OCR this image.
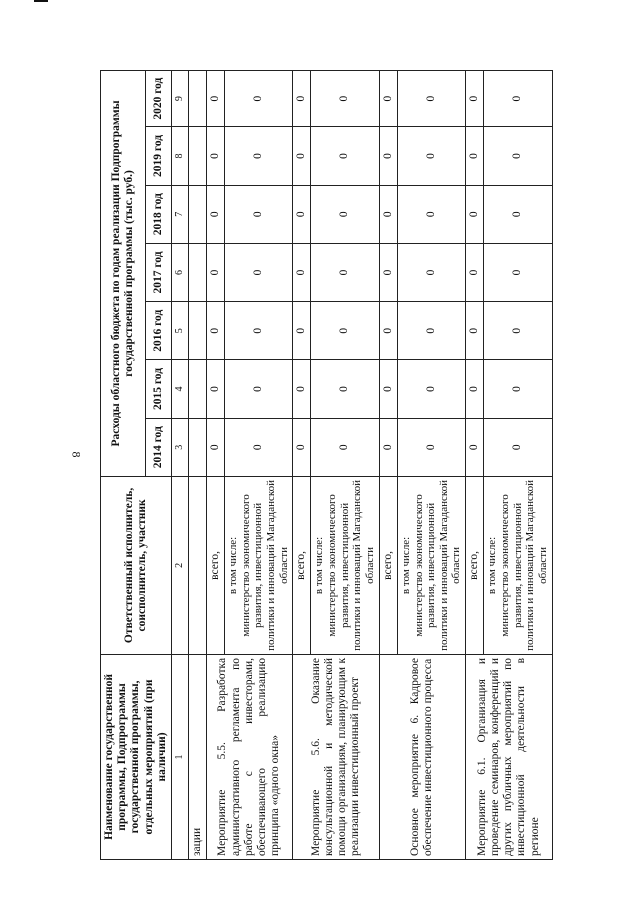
8
Наименование государственной программы, Подпрограммы государственной программы, отдельных мероприятий (при наличии)	Ответственный исполнитель, соисполнитель, участник	Расходы областного бюджета по годам реализации Подпрограммы государственной программы (тыс. руб.)						
		2014 год	2015 год	2016 год	2017 год	2018 год	2019 год	2020 год
1	2	3	4	5	6	7	8	9
зации								
Мероприятие 5.5. Разработка административного регламента по работе с инвесторами, обеспечивающего реализацию принципа «одного окна»	всего,	0	0	0	0	0	0	0

	в том числе: министерство экономического развития, инвестиционной политики и инноваций Магаданской области	0	0	0	0	0	0	0
Мероприятие 5.6. Оказание консультационной и методической помощи организациям, планирующим к реализации инвестиционный проект	всего,	0	0	0	0	0	0	0

	в том числе: министерство экономического развития, инвестиционной политики и инноваций Магаданской области	0	0	0	0	0	0	0
Основное мероприятие 6. Кадровое обеспечение инвестиционного процесса	всего,	0	0	0	0	0	0	0

	в том числе: министерство экономического развития, инвестиционной политики и инноваций Магаданской области	0	0	0	0	0	0	0
Мероприятие 6.1. Организация и проведение семинаров, конференций и других публичных мероприятий по инвестиционной деятельности в регионе	всего,	0	0	0	0	0	0	0

	в том числе: министерство экономического развития, инвестиционной политики и инноваций Магаданской области	0	0	0	0	0	0	0
